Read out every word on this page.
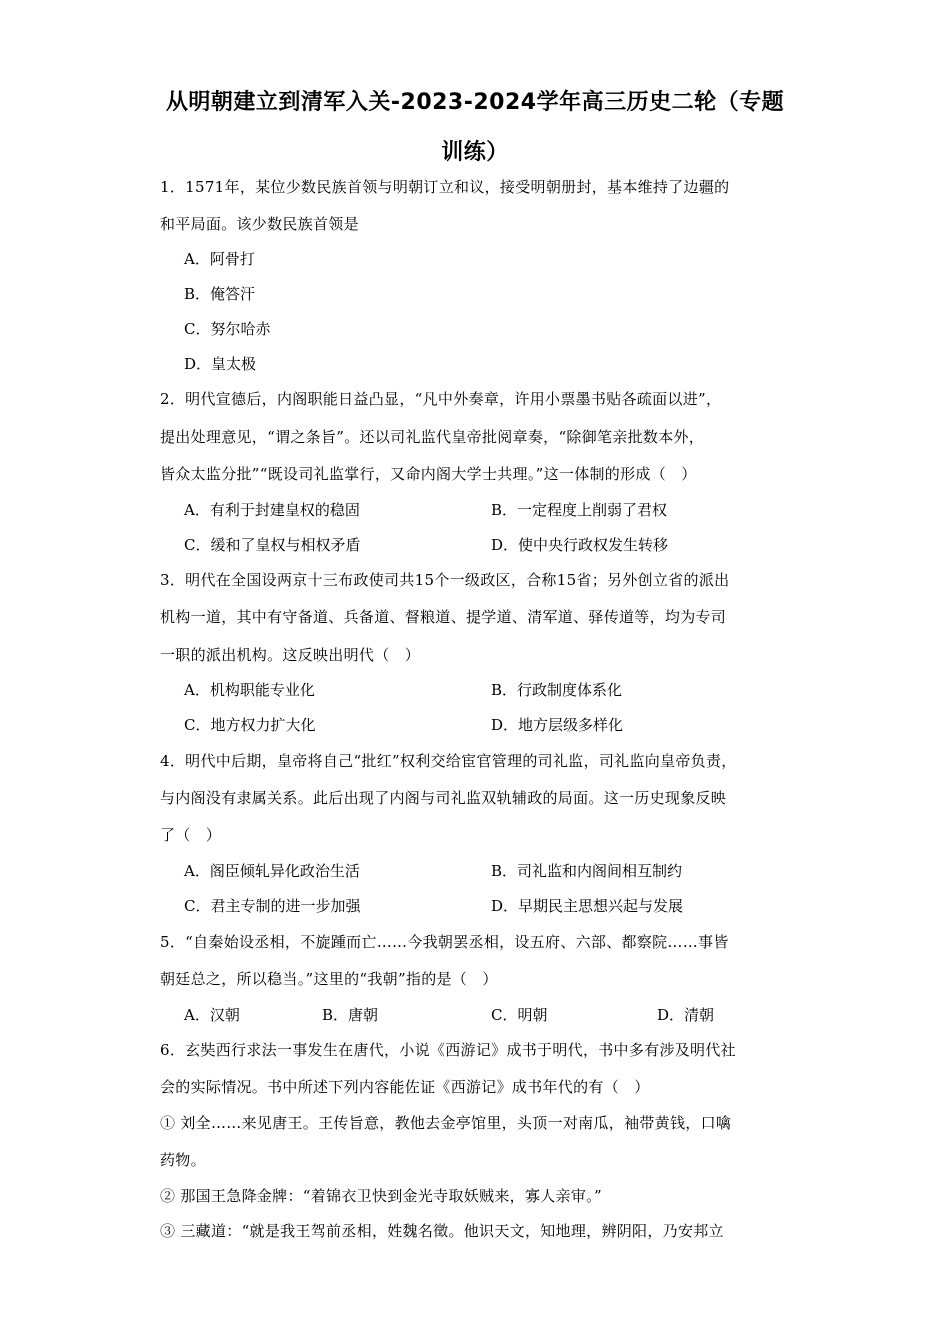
从明朝建立到清军入关-2023-2024学年高三历史二轮（专题
训练）
1．1571年，某位少数民族首领与明朝订立和议，接受明朝册封，基本维持了边疆的
和平局面。该少数民族首领是
A．阿骨打
B．俺答汗
C．努尔哈赤
D．皇太极
2．明代宣德后，内阁职能日益凸显，“凡中外奏章，许用小票墨书贴各疏面以进”，
提出处理意见，“谓之条旨”。还以司礼监代皇帝批阅章奏，“除御笔亲批数本外，
皆众太监分批”“既设司礼监掌行，又命内阁大学士共理。”这一体制的形成（　）
A．有利于封建皇权的稳固	B．一定程度上削弱了君权
C．缓和了皇权与相权矛盾	D．使中央行政权发生转移
3．明代在全国设两京十三布政使司共15个一级政区，合称15省；另外创立省的派出
机构一道，其中有守备道、兵备道、督粮道、提学道、清军道、驿传道等，均为专司
一职的派出机构。这反映出明代（　）
A．机构职能专业化	B．行政制度体系化
C．地方权力扩大化	D．地方层级多样化
4．明代中后期，皇帝将自己“批红”权利交给宦官管理的司礼监，司礼监向皇帝负责，
与内阁没有隶属关系。此后出现了内阁与司礼监双轨辅政的局面。这一历史现象反映
了（　）
A．阁臣倾轧异化政治生活	B．司礼监和内阁间相互制约
C．君主专制的进一步加强	D．早期民主思想兴起与发展
5．“自秦始设丞相，不旋踵而亡……今我朝罢丞相，设五府、六部、都察院……事皆
朝廷总之，所以稳当。”这里的“我朝”指的是（　）
A．汉朝	B．唐朝	C．明朝	D．清朝
6．玄奘西行求法一事发生在唐代，小说《西游记》成书于明代，书中多有涉及明代社
会的实际情况。书中所述下列内容能佐证《西游记》成书年代的有（　）
① 刘全……来见唐王。王传旨意，教他去金亭馆里，头顶一对南瓜，袖带黄钱，口噙
药物。
② 那国王急降金牌：“着锦衣卫快到金光寺取妖贼来，寡人亲审。”
③ 三藏道：“就是我王驾前丞相，姓魏名徵。他识天文，知地理，辨阴阳，乃安邦立
